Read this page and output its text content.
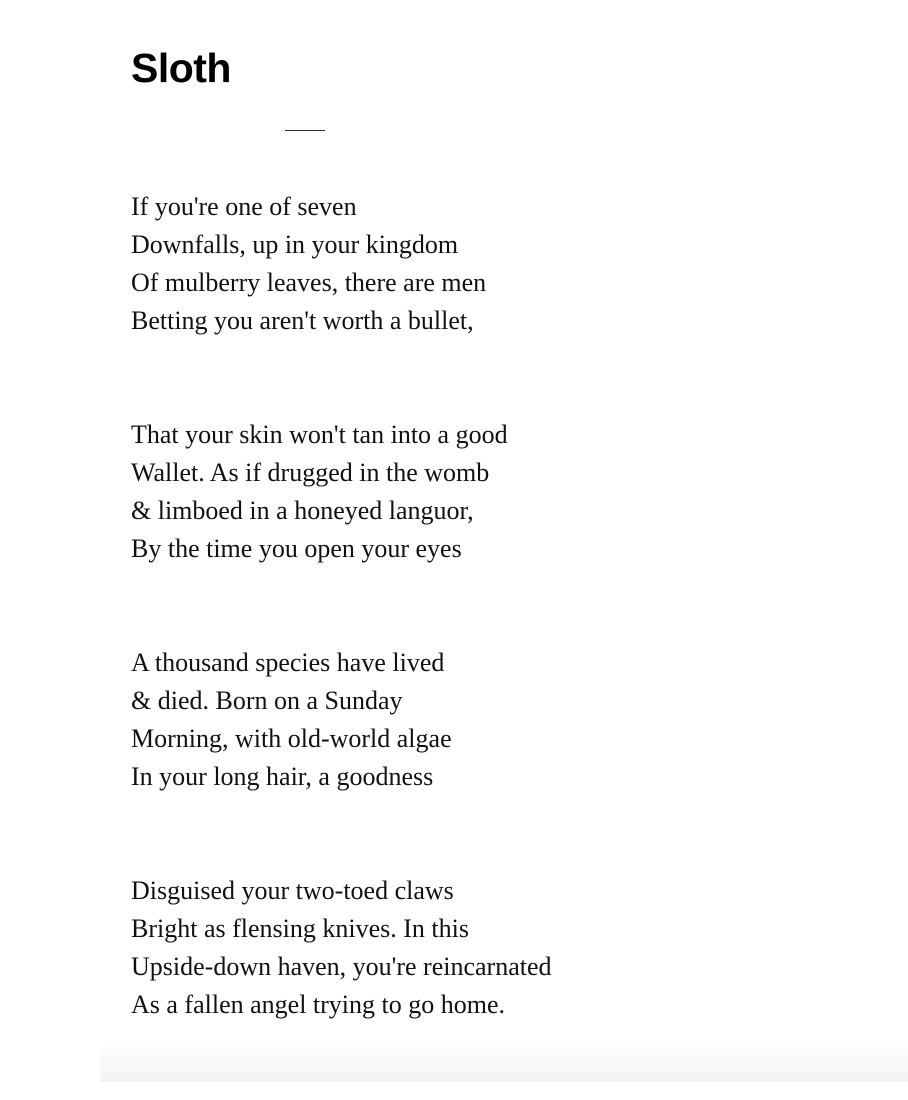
Sloth
If you're one of seven
Downfalls, up in your kingdom
Of mulberry leaves, there are men
Betting you aren't worth a bullet,
That your skin won't tan into a good
Wallet. As if drugged in the womb
& limboed in a honeyed languor,
By the time you open your eyes
A thousand species have lived
& died. Born on a Sunday
Morning, with old-world algae
In your long hair, a goodness
Disguised your two-toed claws
Bright as flensing knives. In this
Upside-down haven, you're reincarnated
As a fallen angel trying to go home.
